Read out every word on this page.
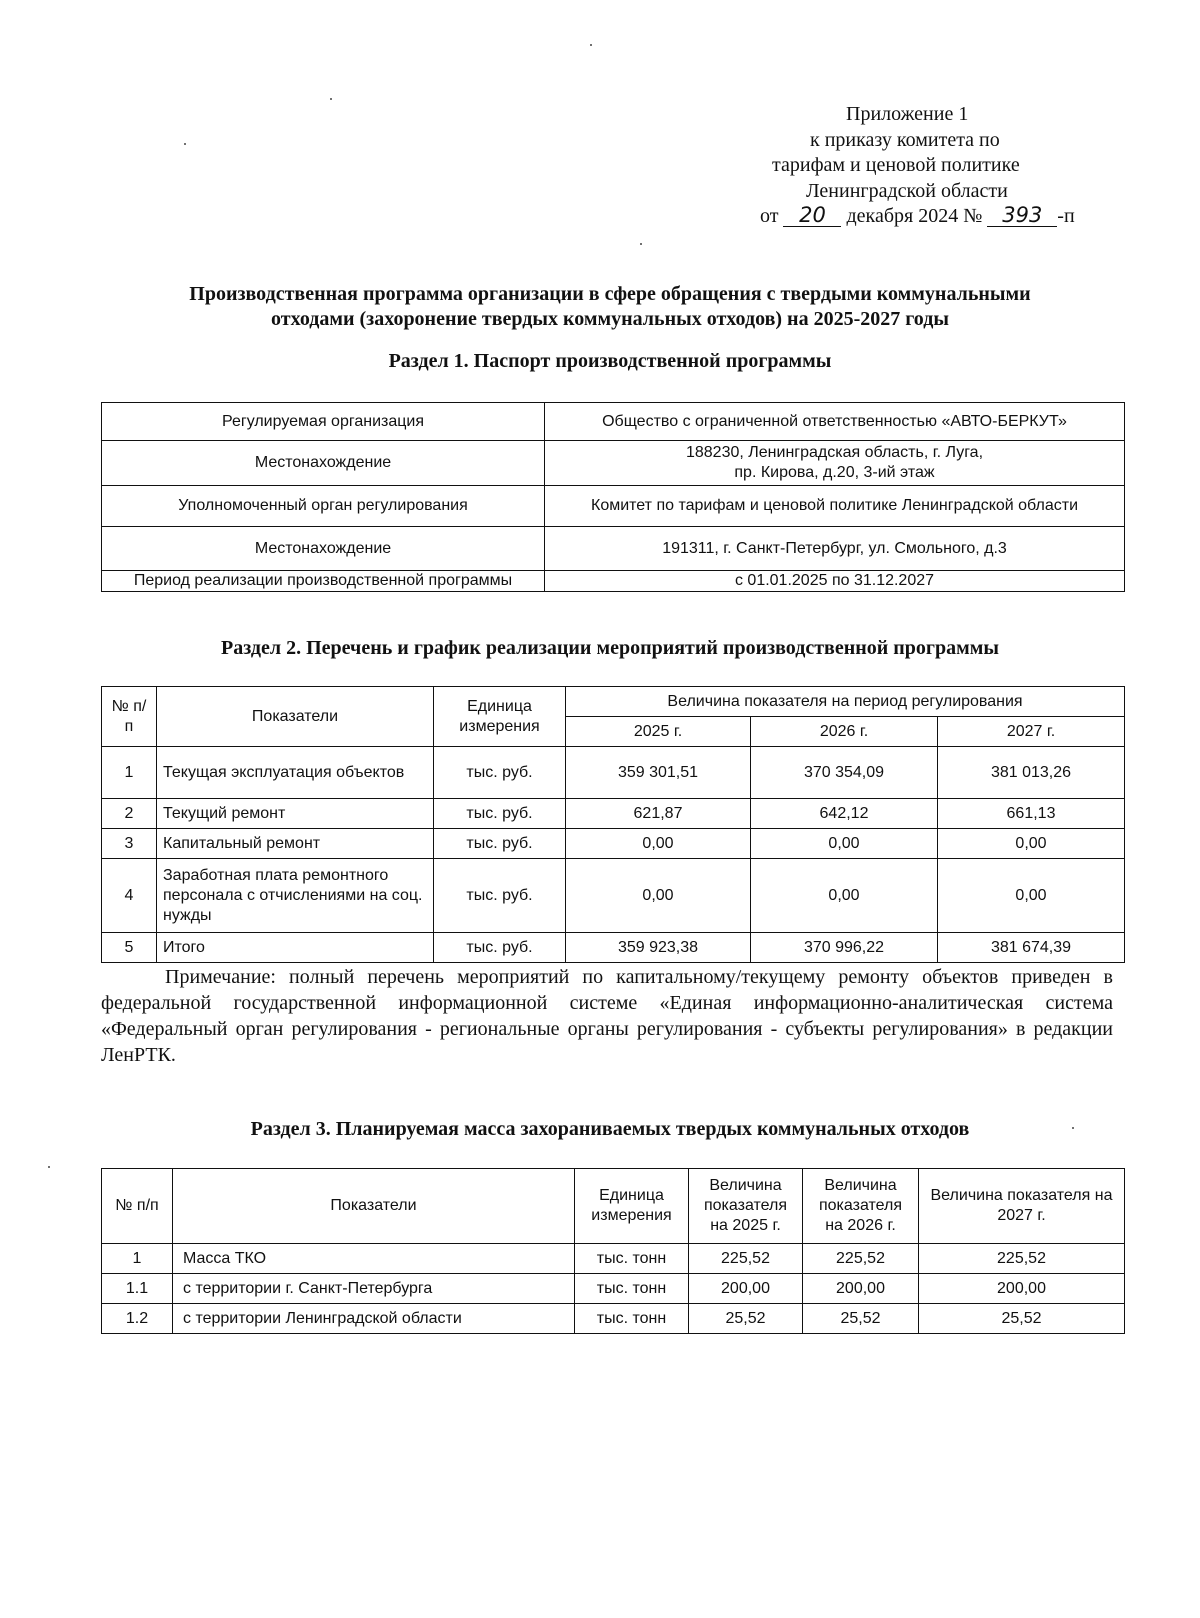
Приложение 1
к приказу комитета по
тарифам и ценовой политике
Ленинградской области
от 20 декабря 2024 № 393 -п
Производственная программа организации в сфере обращения с твердыми коммунальными
отходами (захоронение твердых коммунальных отходов) на 2025-2027 годы
Раздел 1. Паспорт производственной программы
Регулируемая организация	Общество с ограниченной ответственностью «АВТО-БЕРКУТ»
Местонахождение	188230, Ленинградская область, г. Луга,
пр. Кирова, д.20, 3-ий этаж

Уполномоченный орган регулирования	Комитет по тарифам и ценовой политике Ленинградской области
Местонахождение	191311, г. Санкт-Петербург, ул. Смольного, д.3
Период реализации производственной программы	с 01.01.2025 по 31.12.2027
Раздел 2. Перечень и график реализации мероприятий производственной программы
№ п/п	Показатели	Единица измерения	Величина показателя на период регулирования		
			2025 г.	2026 г.	2027 г.
1	Текущая эксплуатация объектов	тыс. руб.	359 301,51	370 354,09	381 013,26
2	Текущий ремонт	тыс. руб.	621,87	642,12	661,13
3	Капитальный ремонт	тыс. руб.	0,00	0,00	0,00
4	Заработная плата ремонтного персонала с отчислениями на соц. нужды	тыс. руб.	0,00	0,00	0,00
5	Итого	тыс. руб.	359 923,38	370 996,22	381 674,39
Примечание: полный перечень мероприятий по капитальному/текущему ремонту объектов приведен в федеральной государственной информационной системе «Единая информационно-аналитическая система «Федеральный орган регулирования - региональные органы регулирования - субъекты регулирования» в редакции ЛенРТК.
Раздел 3. Планируемая масса захораниваемых твердых коммунальных отходов
№ п/п	Показатели	Единица измерения	Величина показателя на 2025 г.	Величина показателя на 2026 г.	Величина показателя на 2027 г.
1	Масса ТКО	тыс. тонн	225,52	225,52	225,52
1.1	с территории г. Санкт-Петербурга	тыс. тонн	200,00	200,00	200,00
1.2	с территории Ленинградской области	тыс. тонн	25,52	25,52	25,52
